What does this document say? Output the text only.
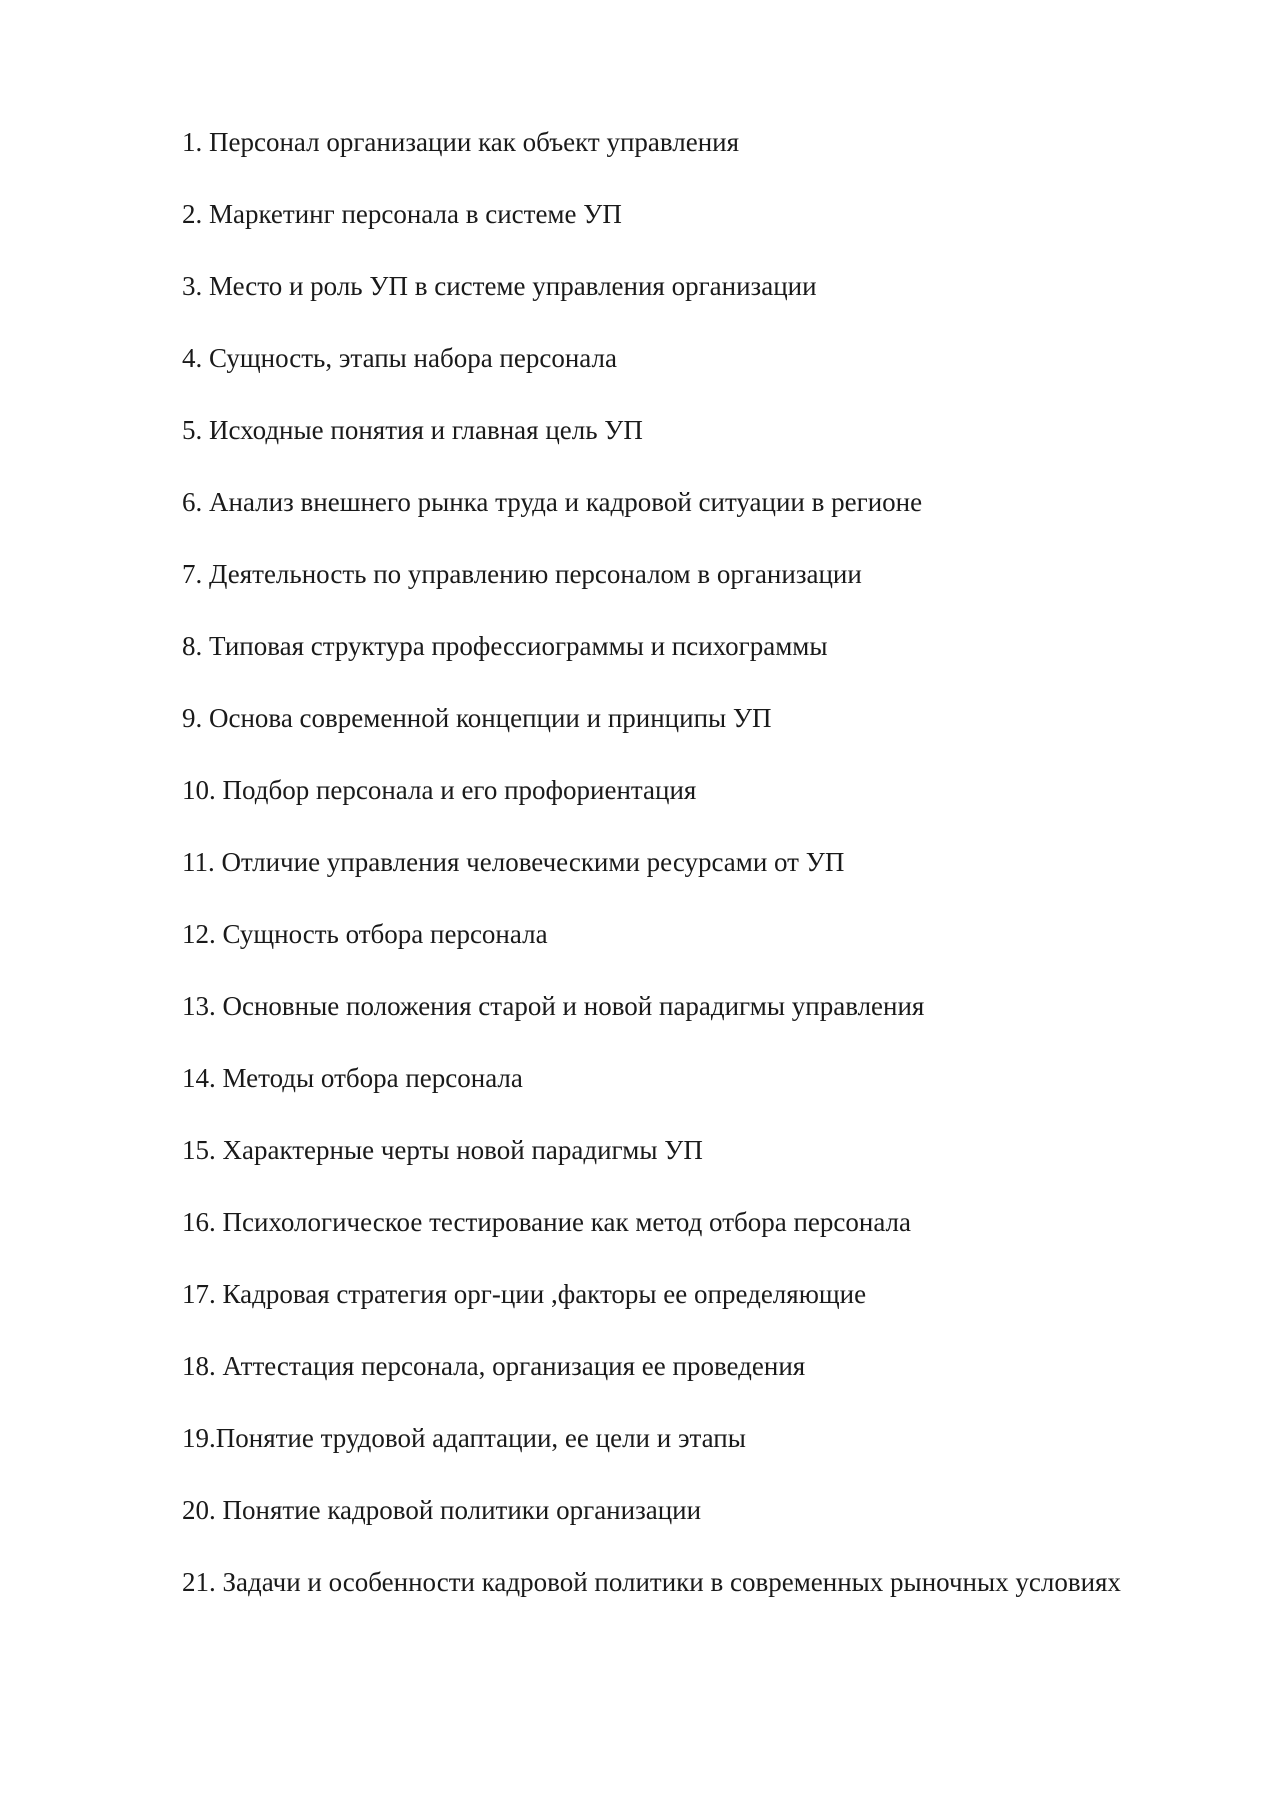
1. Персонал организации как объект управления
2. Маркетинг персонала в системе УП
3. Место и роль УП в системе управления организации
4. Сущность, этапы набора персонала
5. Исходные понятия и главная цель УП
6. Анализ внешнего рынка труда и кадровой ситуации в регионе
7. Деятельность по управлению персоналом в организации
8. Типовая структура профессиограммы и психограммы
9. Основа современной концепции и принципы УП
10. Подбор персонала и его профориентация
11. Отличие управления человеческими ресурсами от УП
12. Сущность отбора персонала
13. Основные положения старой и новой парадигмы управления
14. Методы отбора персонала
15. Характерные черты новой парадигмы УП
16. Психологическое тестирование как метод отбора персонала
17. Кадровая стратегия орг-ции ,факторы ее определяющие
18. Аттестация персонала, организация ее проведения
19.Понятие трудовой адаптации, ее цели и этапы
20. Понятие кадровой политики организации
21. Задачи и особенности кадровой политики в современных рыночных условиях
